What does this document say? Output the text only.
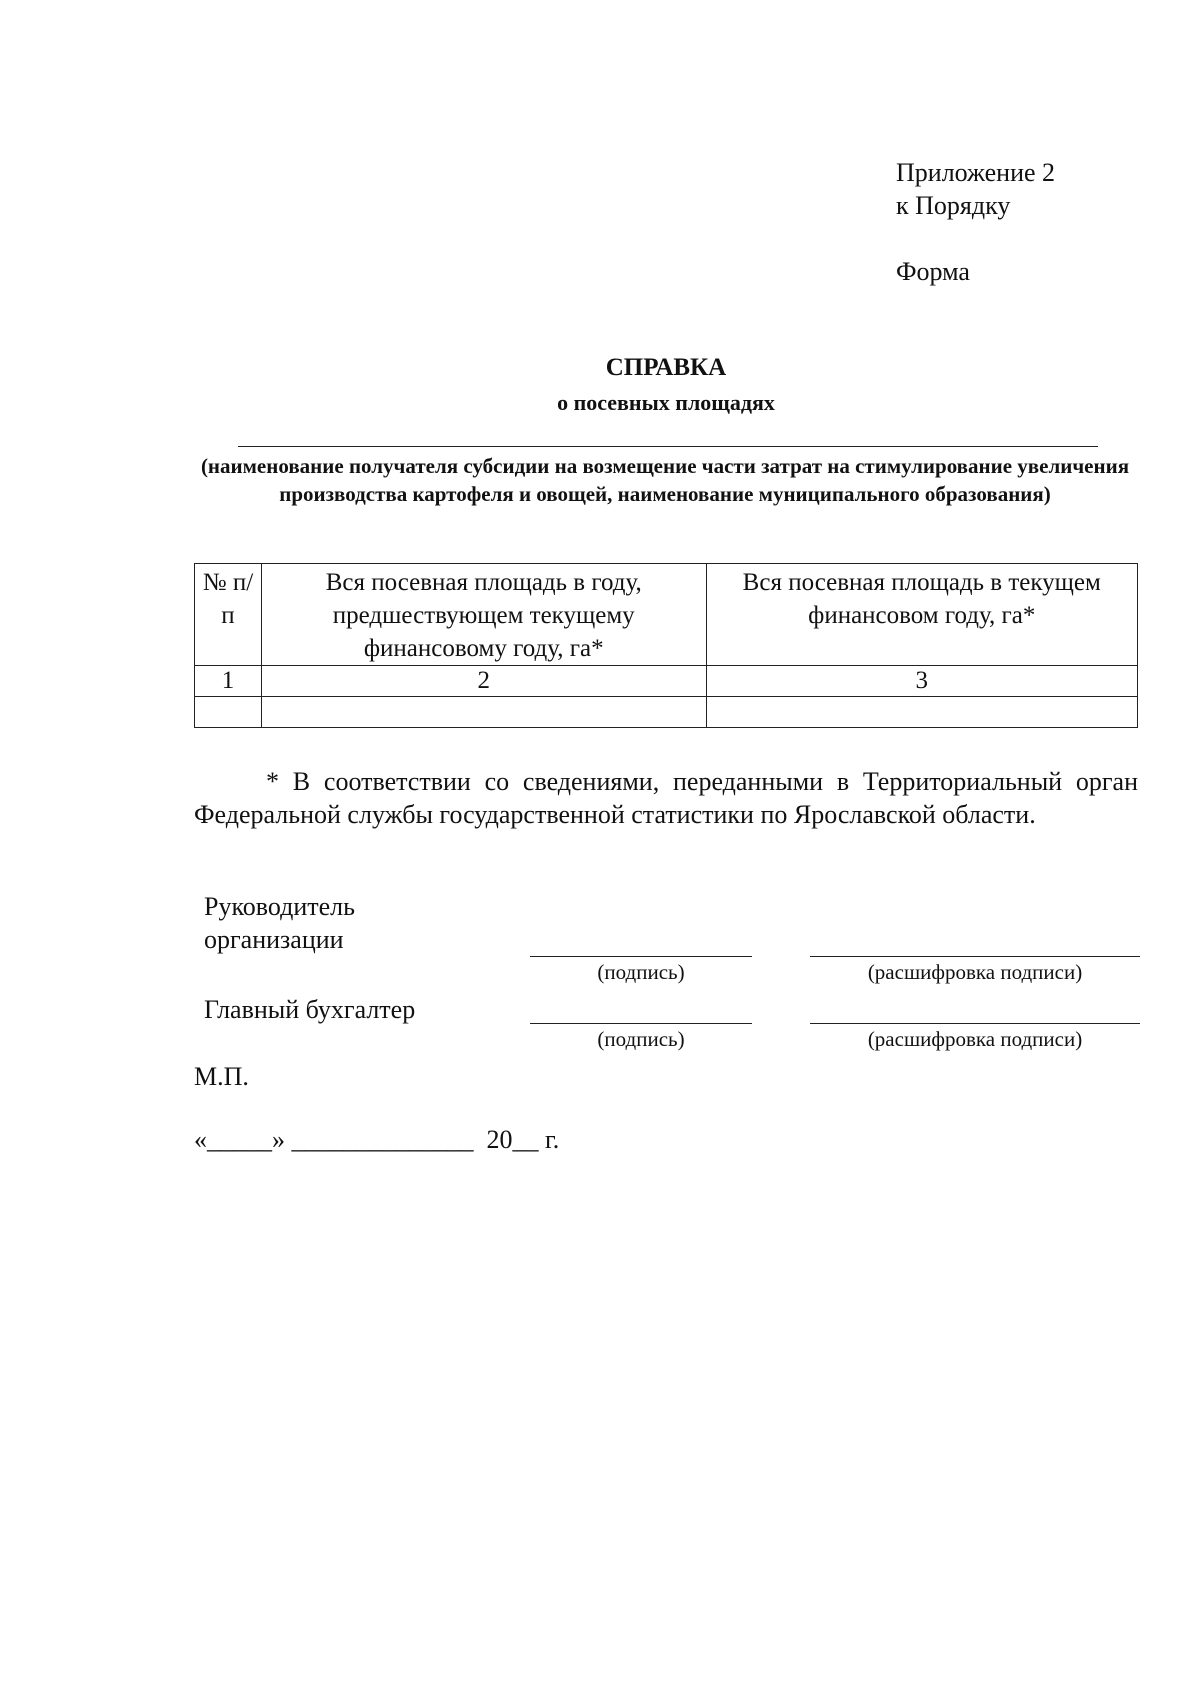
Приложение 2
к Порядку
Форма
СПРАВКА
о посевных площадях
(наименование получателя субсидии на возмещение части затрат на стимулирование увеличения производства картофеля и овощей, наименование муниципального образования)
№ п/п	Вся посевная площадь в году, предшествующем текущему финансовому году, га*	Вся посевная площадь в текущем финансовом году, га*
1	2	3

* В соответствии со сведениями, переданными в Территориальный орган Федеральной службы государственной статистики по Ярославской области.
Руководитель
организации
(подпись)	(расшифровка подписи)
Главный бухгалтер
(подпись)	(расшифровка подписи)
М.П.
«_____» ______________  20__ г.
